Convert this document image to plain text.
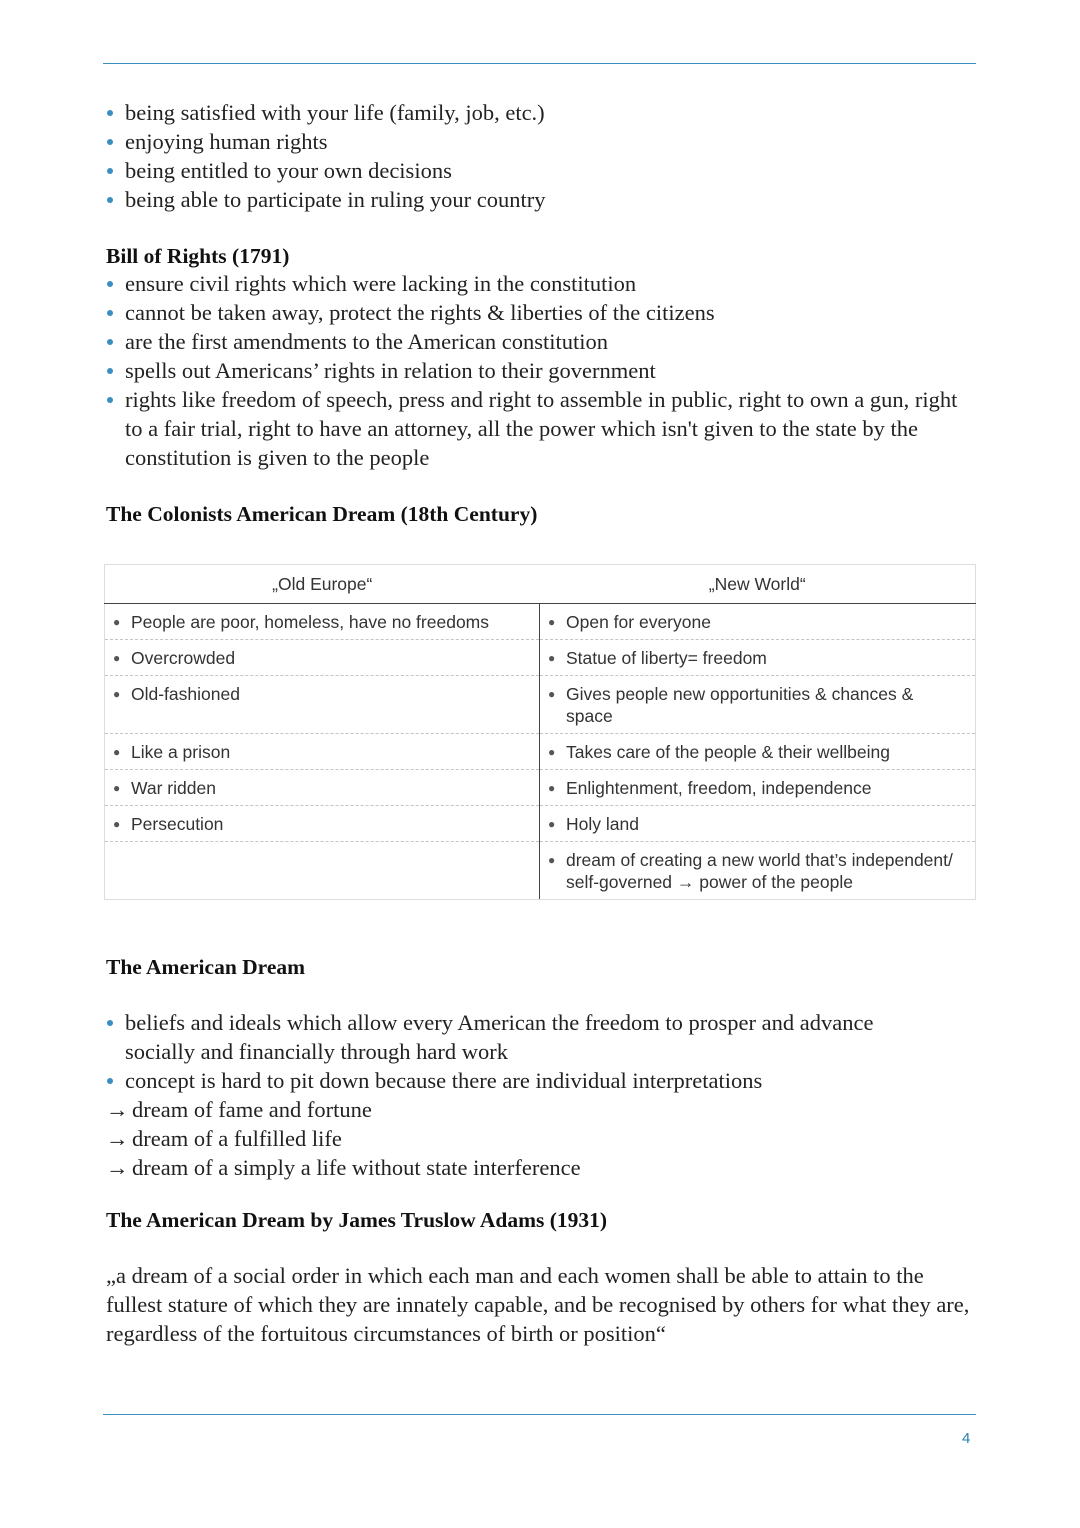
being satisfied with your life (family, job, etc.)
enjoying human rights
being entitled to your own decisions
being able to participate in ruling your country
Bill of Rights (1791)
ensure civil rights which were lacking in the constitution
cannot be taken away, protect the rights & liberties of the citizens
are the first amendments to the American constitution
spells out Americans’ rights in relation to their government
rights like freedom of speech, press and right to assemble in public, right to own a gun, right to a fair trial, right to have an attorney, all the power which isn't given to the state by the constitution is given to the people
The Colonists American Dream (18th Century)
„Old Europe“	„New World“

● People are poor, homeless, have no freedoms	● Open for everyone

● Overcrowded	● Statue of liberty= freedom

● Old-fashioned	● Gives people new opportunities & chances & space

● Like a prison	● Takes care of the people & their wellbeing

● War ridden	● Enlightenment, freedom, independence

● Persecution	● Holy land

	● dream of creating a new world that’s independent/ self-governed → power of the people
The American Dream
beliefs and ideals which allow every American the freedom to prosper and advance socially and financially through hard work
concept is hard to pit down because there are individual interpretations
→ dream of fame and fortune
→ dream of a fulfilled life
→ dream of a simply a life without state interference
The American Dream by James Truslow Adams (1931)

„a dream of a social order in which each man and each women shall be able to attain to the fullest stature of which they are innately capable, and be recognised by others for what they are, regardless of the fortuitous circumstances of birth or position“

4
